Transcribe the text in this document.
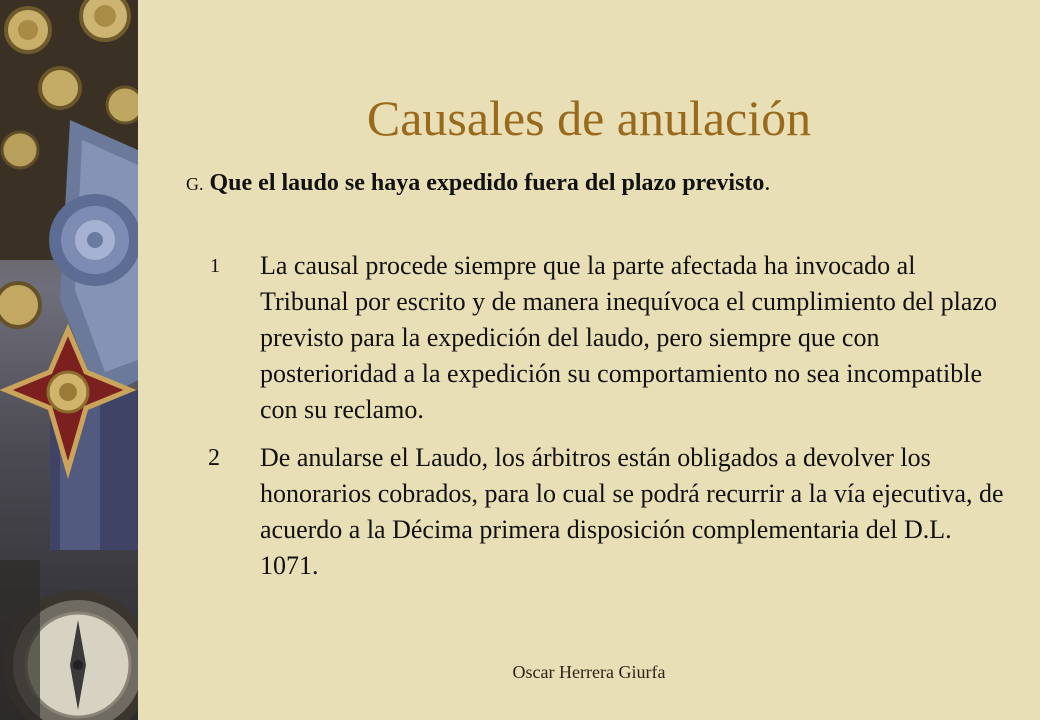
Causales de anulación
G. Que el laudo se haya expedido fuera del plazo previsto.
1	La causal procede siempre que la parte afectada ha invocado al Tribunal por escrito y de manera inequívoca el cumplimiento del plazo previsto para la expedición del laudo, pero siempre que con posterioridad a la expedición su comportamiento no sea incompatible con su reclamo.
2	De anularse el Laudo, los árbitros están obligados a devolver los honorarios cobrados, para lo cual se podrá recurrir a la vía ejecutiva, de acuerdo a la Décima primera disposición complementaria del D.L. 1071.
Oscar Herrera Giurfa
